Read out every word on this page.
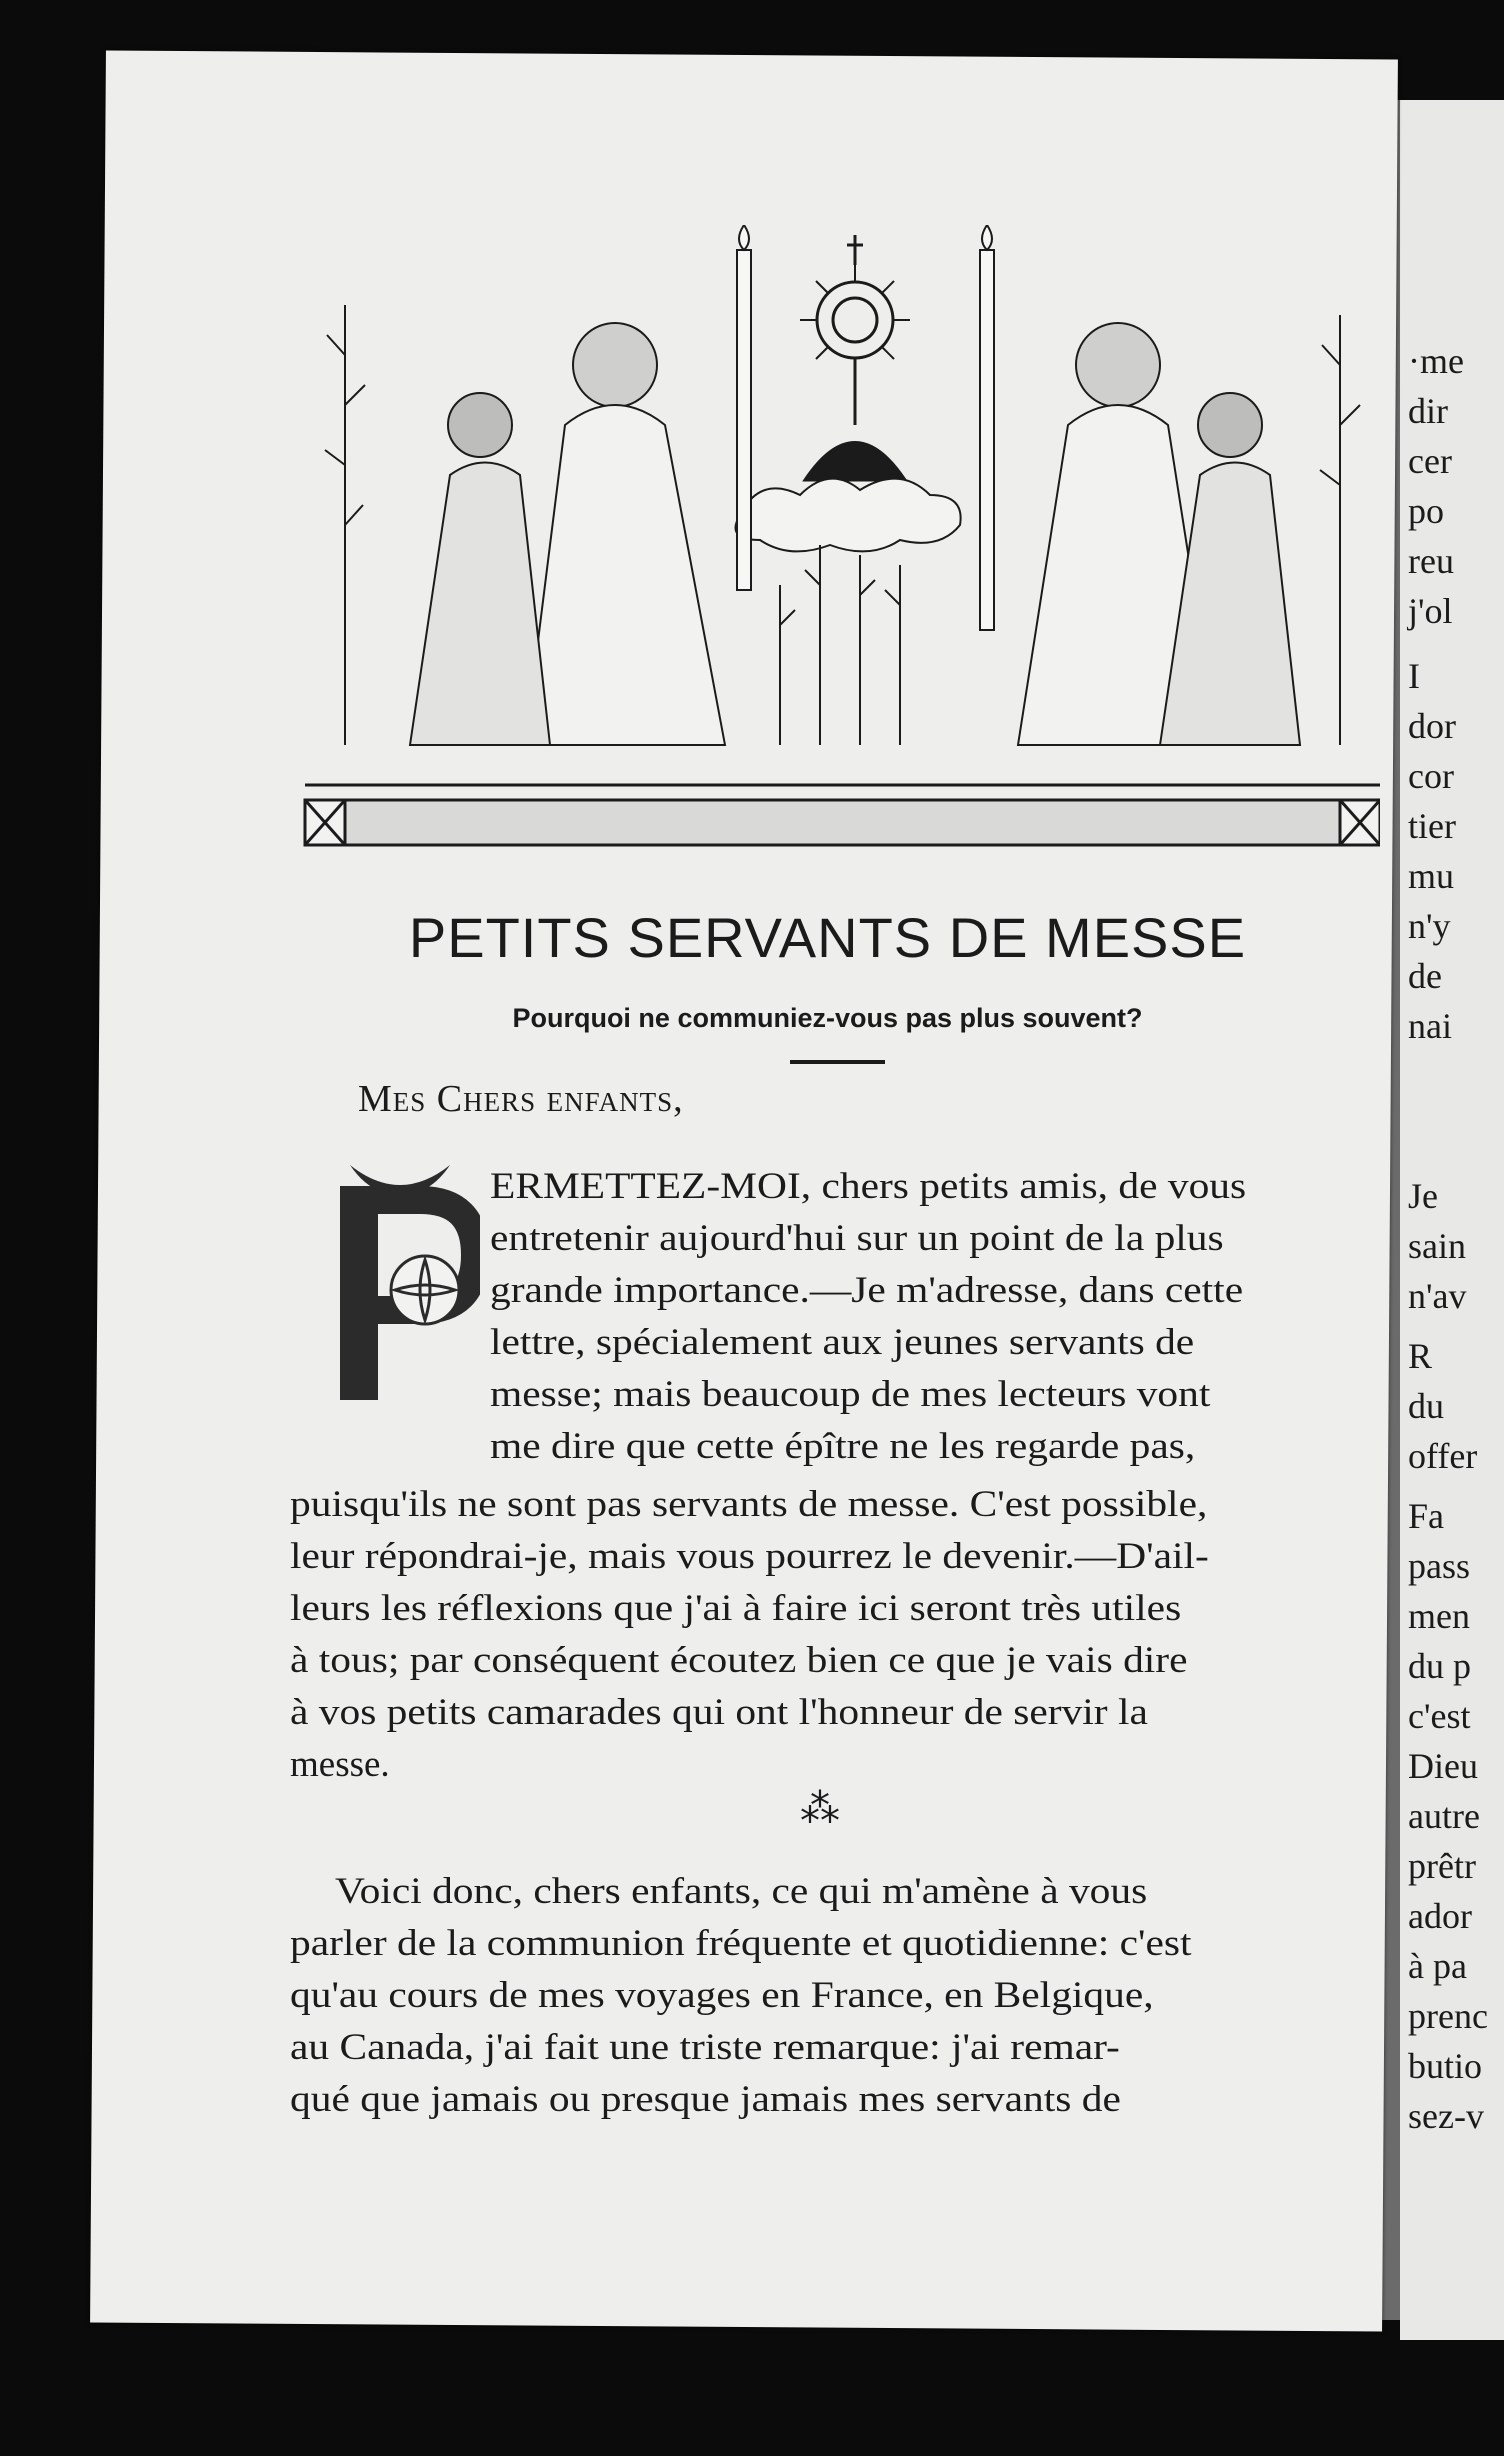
·me
dir
cer
po
reu
j'ol
I
dor
cor
tier
mu
n'y
de
nai
Je
sain
n'av
R
du
offer
Fa
pass
men
du p
c'est
Dieu
autre
prêtr
ador
à pa
prenc
butio
sez-v
PETITS SERVANTS DE MESSE
Pourquoi ne communiez-vous pas plus souvent?
Mes Chers enfants,
ERMETTEZ-MOI, chers petits amis, de vous
entretenir aujourd'hui sur un point de la plus
grande importance.—Je m'adresse, dans cette
lettre, spécialement aux jeunes servants de
messe; mais beaucoup de mes lecteurs vont
me dire que cette épître ne les regarde pas,
puisqu'ils ne sont pas servants de messe. C'est possible,
leur répondrai-je, mais vous pourrez le devenir.—D'ail-
leurs les réflexions que j'ai à faire ici seront très utiles
à tous; par conséquent écoutez bien ce que je vais dire
à vos petits camarades qui ont l'honneur de servir la
messe.
⁂
Voici donc, chers enfants, ce qui m'amène à vous
parler de la communion fréquente et quotidienne: c'est
qu'au cours de mes voyages en France, en Belgique,
au Canada, j'ai fait une triste remarque: j'ai remar-
qué que jamais ou presque jamais mes servants de
